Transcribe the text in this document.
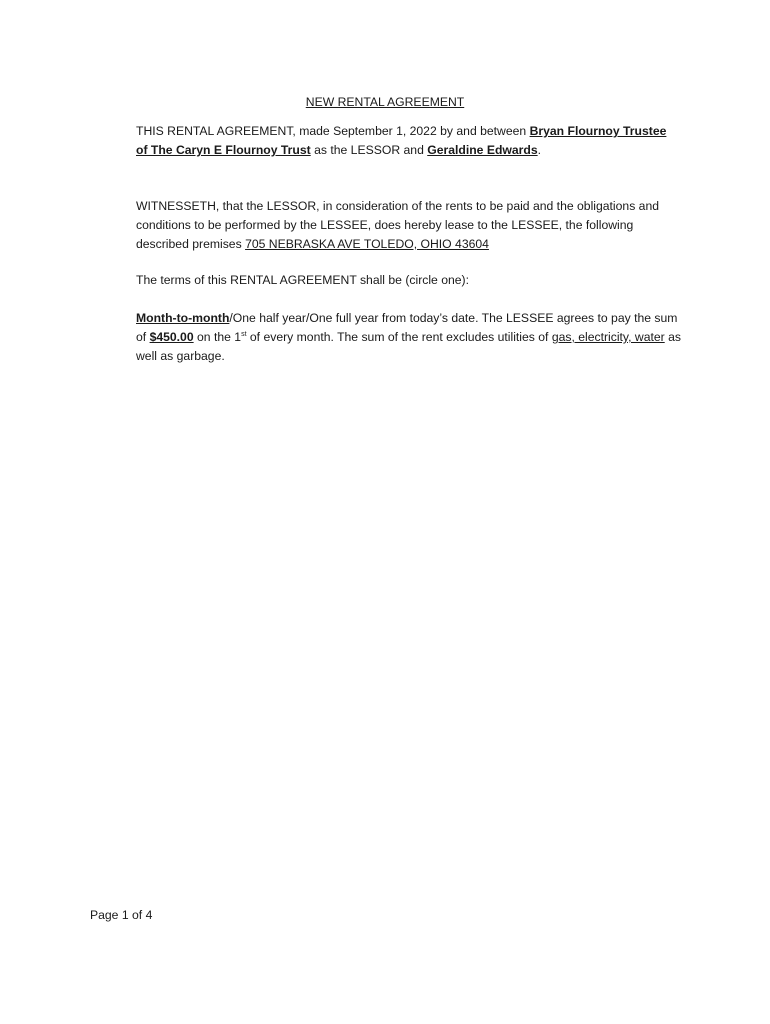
NEW RENTAL AGREEMENT
THIS RENTAL AGREEMENT, made September 1, 2022 by and between Bryan Flournoy Trustee of The Caryn E Flournoy Trust as the LESSOR and Geraldine Edwards.
WITNESSETH, that the LESSOR, in consideration of the rents to be paid and the obligations and conditions to be performed by the LESSEE, does hereby lease to the LESSEE, the following described premises 705 NEBRASKA AVE TOLEDO, OHIO 43604
The terms of this RENTAL AGREEMENT shall be (circle one):
Month-to-month/One half year/One full year from today’s date. The LESSEE agrees to pay the sum of $450.00 on the 1st of every month. The sum of the rent excludes utilities of gas, electricity, water as well as garbage.
Page 1 of 4
